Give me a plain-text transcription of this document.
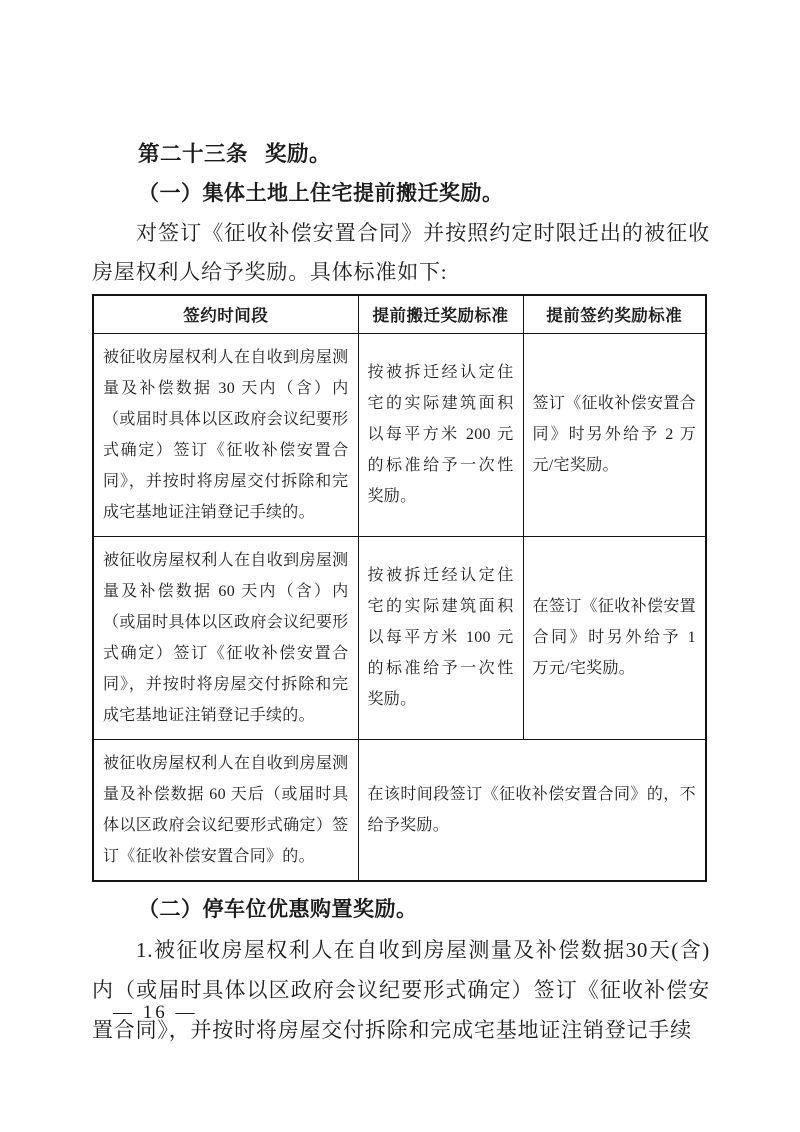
第二十三条 奖励。

（一）集体土地上住宅提前搬迁奖励。

对签订《征收补偿安置合同》并按照约定时限迁出的被征收房屋权利人给予奖励。具体标准如下:

签约时间段	提前搬迁奖励标准	提前签约奖励标准
被征收房屋权利人在自收到房屋测量及补偿数据 30 天内（含）内（或届时具体以区政府会议纪要形式确定）签订《征收补偿安置合同》，并按时将房屋交付拆除和完成宅基地证注销登记手续的。	按被拆迁经认定住宅的实际建筑面积以每平方米 200 元的标准给予一次性奖励。	签订《征收补偿安置合同》时另外给予 2 万元/宅奖励。
被征收房屋权利人在自收到房屋测量及补偿数据 60 天内（含）内（或届时具体以区政府会议纪要形式确定）签订《征收补偿安置合同》，并按时将房屋交付拆除和完成宅基地证注销登记手续的。	按被拆迁经认定住宅的实际建筑面积以每平方米 100 元的标准给予一次性奖励。	在签订《征收补偿安置合同》时另外给予 1 万元/宅奖励。
被征收房屋权利人在自收到房屋测量及补偿数据 60 天后（或届时具体以区政府会议纪要形式确定）签订《征收补偿安置合同》的。	在该时间段签订《征收补偿安置合同》的，不给予奖励。	

（二）停车位优惠购置奖励。

1.被征收房屋权利人在自收到房屋测量及补偿数据30天(含)内（或届时具体以区政府会议纪要形式确定）签订《征收补偿安置合同》，并按时将房屋交付拆除和完成宅基地证注销登记手续

— 16 —
